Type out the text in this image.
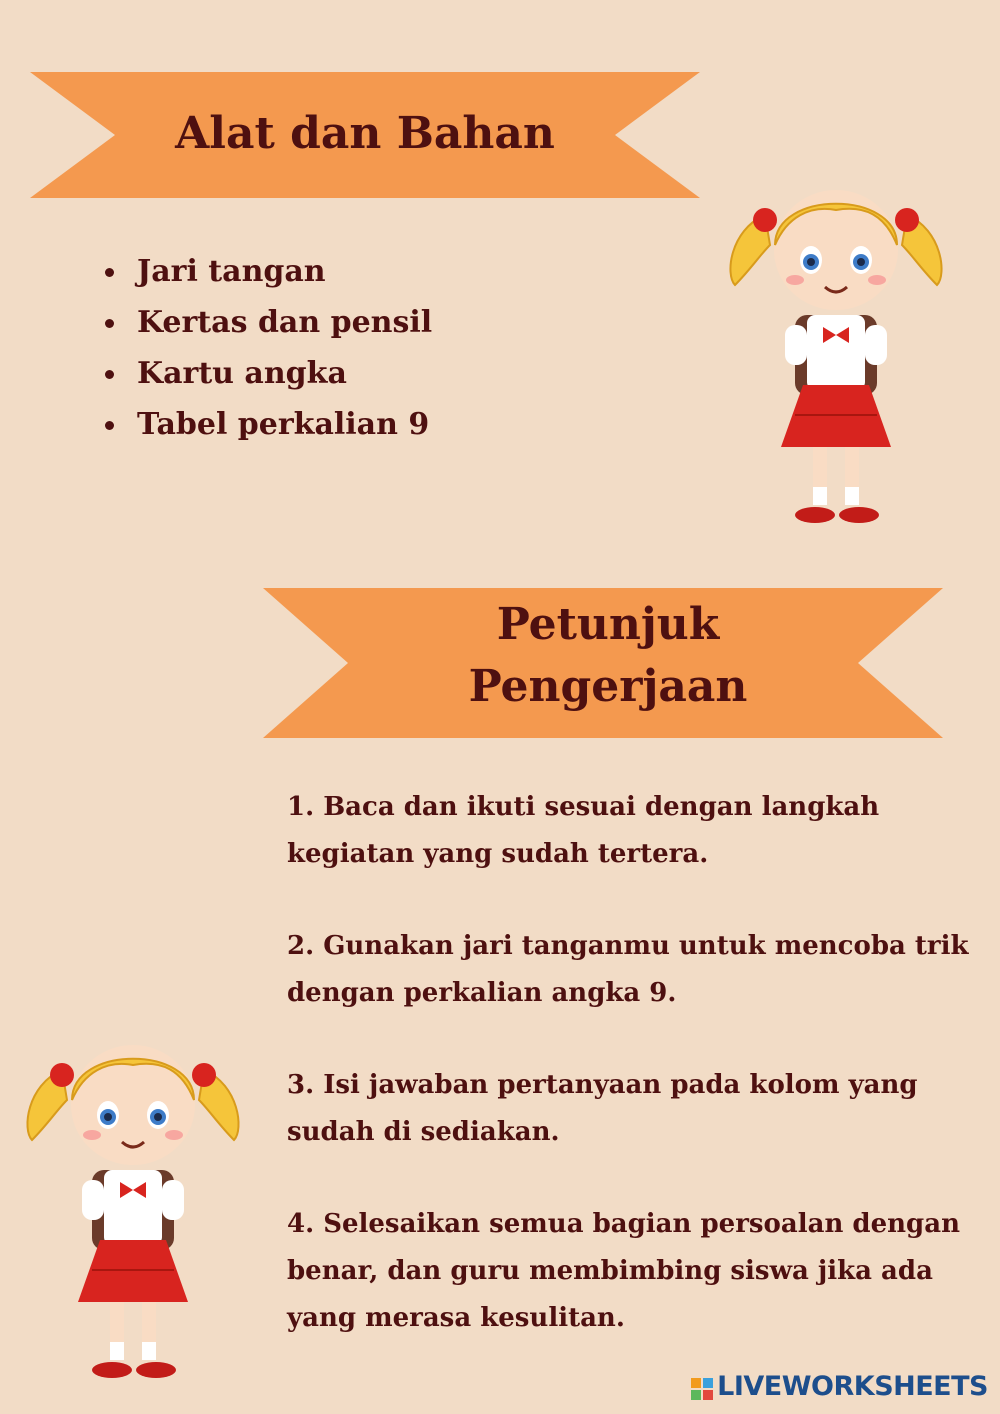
Alat dan Bahan
Jari tangan
Kertas dan pensil
Kartu angka
Tabel perkalian 9
Petunjuk
Pengerjaan

1. Baca dan ikuti sesuai dengan langkah kegiatan yang sudah tertera.

2. Gunakan jari tanganmu untuk mencoba trik dengan perkalian angka 9.

3. Isi jawaban pertanyaan pada kolom yang sudah di sediakan.

4. Selesaikan semua bagian persoalan dengan benar, dan guru membimbing siswa jika ada yang merasa kesulitan.

LIVEWORKSHEETS
